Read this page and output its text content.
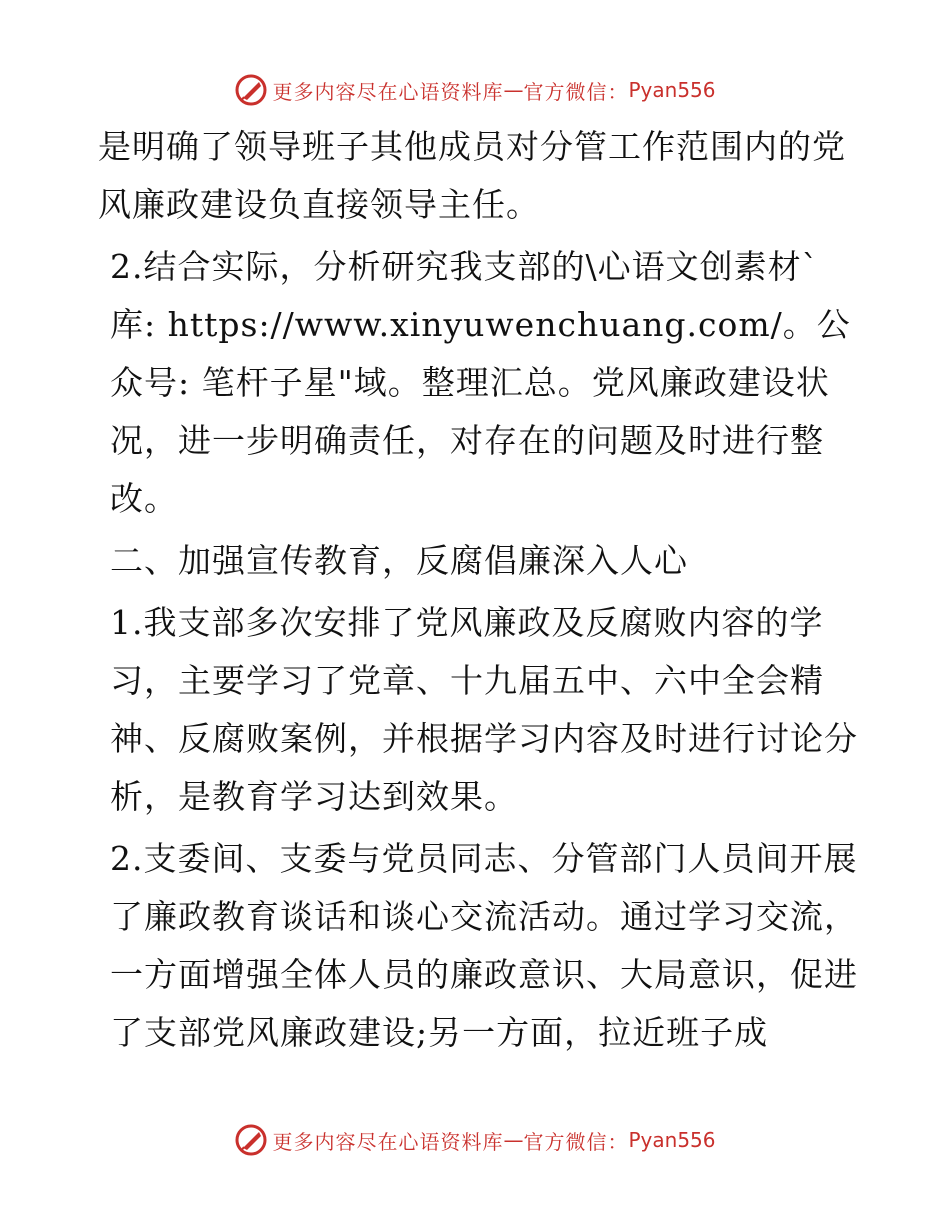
更多内容尽在心语资料库 — 官方微信： Pyan556

是明确了领导班子其他成员对分管工作范围内的党风廉政建设负直接领导主任。

2.结合实际，分析研究我支部的\心语文创素材`库: https://www.xinyuwenchuang.com/。公众号: 笔杆子星"域。整理汇总。党风廉政建设状况，进一步明确责任，对存在的问题及时进行整改。

二、加强宣传教育，反腐倡廉深入人心

1.我支部多次安排了党风廉政及反腐败内容的学习，主要学习了党章、十九届五中、六中全会精神、反腐败案例，并根据学习内容及时进行讨论分析，是教育学习达到效果。

2.支委间、支委与党员同志、分管部门人员间开展了廉政教育谈话和谈心交流活动。通过学习交流，一方面增强全体人员的廉政意识、大局意识，促进了支部党风廉政建设;另一方面，拉近班子成

更多内容尽在心语资料库 — 官方微信： Pyan556
